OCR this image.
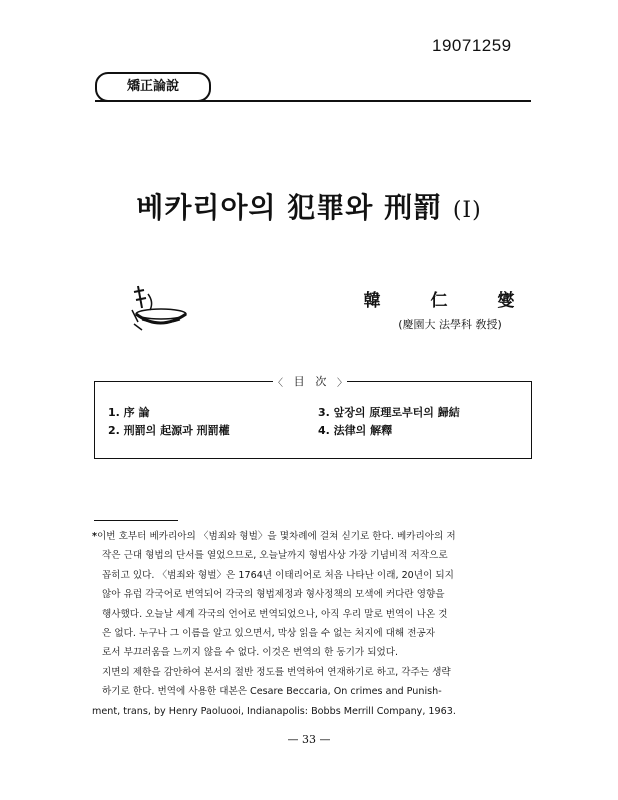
19071259
矯正論說
베카리아의 犯罪와 刑罰 (I)
韓 仁 燮
(慶園大 法學科 敎授)
〈 目 次 〉
1. 序 論
2. 刑罰의 起源과 刑罰權
3. 앞장의 原理로부터의 歸結
4. 法律의 解釋
*이번 호부터 베카리아의 〈범죄와 형벌〉을 몇차례에 걸쳐 싣기로 한다. 베카리아의 저
작은 근대 형법의 단서를 열었으므로, 오늘날까지 형법사상 가장 기념비적 저작으로
꼽히고 있다. 〈범죄와 형벌〉은 1764년 이태리어로 처음 나타난 이래, 20년이 되지
않아 유럽 각국어로 번역되어 각국의 형법제정과 형사정책의 모색에 커다란 영향을
행사했다. 오늘날 세계 각국의 언어로 번역되었으나, 아직 우리 말로 번역이 나온 것
은 없다. 누구나 그 이름을 알고 있으면서, 막상 읽을 수 없는 처지에 대해 전공자
로서 부끄러움을 느끼지 않을 수 없다. 이것은 번역의 한 동기가 되었다.
지면의 제한을 감안하여 본서의 절반 정도를 번역하여 연재하기로 하고, 각주는 생략
하기로 한다. 번역에 사용한 대본은 Cesare Beccaria, On crimes and Punish-
ment, trans, by Henry Paoluooi, Indianapolis: Bobbs Merrill Company, 1963.
— 33 —
